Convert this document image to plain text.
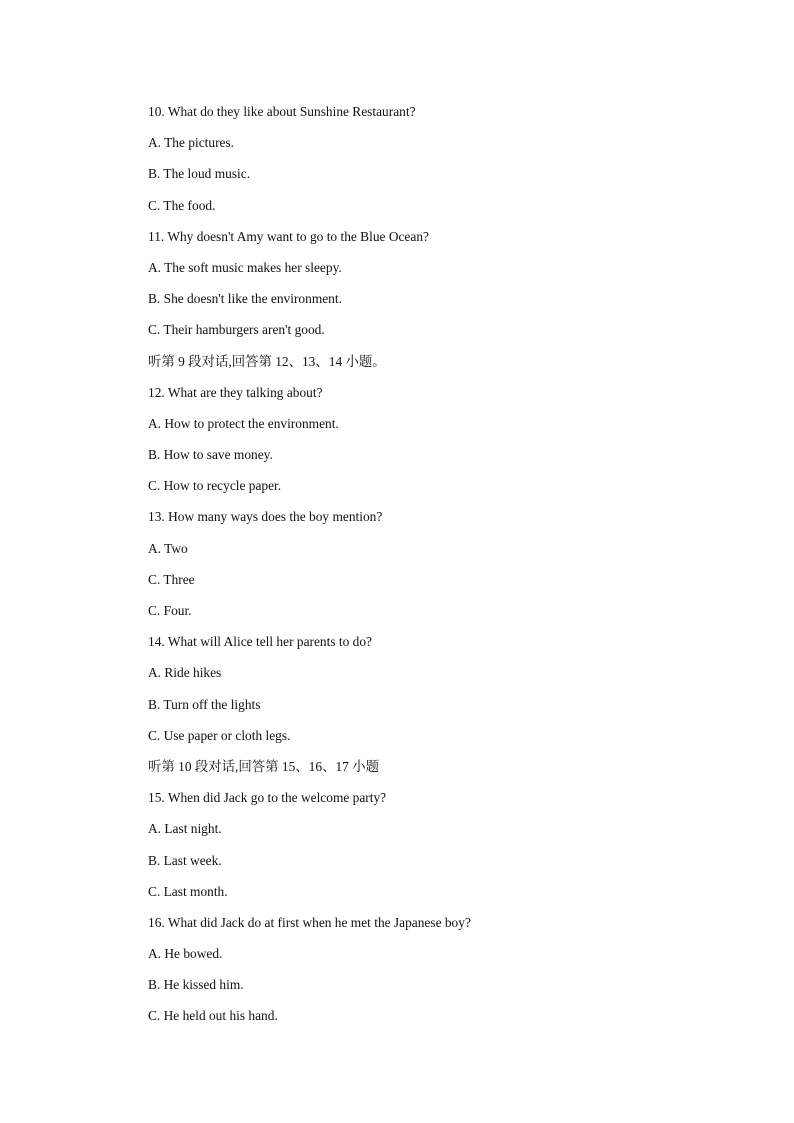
10. What do they like about Sunshine Restaurant?
A. The pictures.
B. The loud music.
C. The food.
11. Why doesn't Amy want to go to the Blue Ocean?
A. The soft music makes her sleepy.
B. She doesn't like the environment.
C. Their hamburgers aren't good.
听第 9 段对话,回答第 12、13、14 小题。
12. What are they talking about?
A. How to protect the environment.
B. How to save money.
C. How to recycle paper.
13. How many ways does the boy mention?
A. Two
C. Three
C. Four.
14. What will Alice tell her parents to do?
A. Ride hikes
B. Turn off the lights
C. Use paper or cloth legs.
听第 10 段对话,回答第 15、16、17 小题
15. When did Jack go to the welcome party?
A. Last night.
B. Last week.
C. Last month.
16. What did Jack do at first when he met the Japanese boy?
A. He bowed.
B. He kissed him.
C. He held out his hand.
